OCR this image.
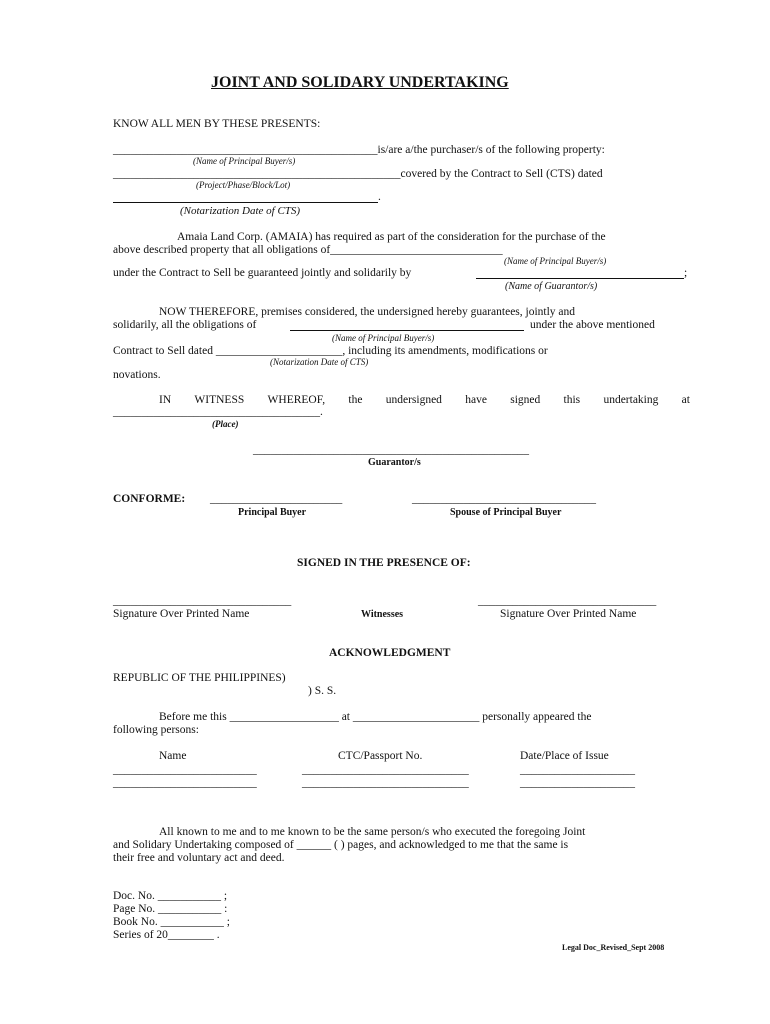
JOINT AND SOLIDARY UNDERTAKING
KNOW ALL MEN BY THESE PRESENTS:
______________________________________________is/are a/the purchaser/s of the following property:
(Name of Principal Buyer/s)
__________________________________________________covered by the Contract to Sell (CTS) dated
(Project/Phase/Block/Lot)
.
(Notarization Date of CTS)
Amaia Land Corp. (AMAIA) has required as part of the consideration for the purchase of the
above described property that all obligations of______________________________
(Name of Principal Buyer/s)
under the Contract to Sell be guaranteed jointly and solidarily by	;
(Name of Guarantor/s)
NOW THEREFORE, premises considered, the undersigned hereby guarantees, jointly and
solidarily, all the obligations of	under the above mentioned
(Name of Principal Buyer/s)
Contract to Sell dated ______________________, including its amendments, modifications or
(Notarization Date of CTS)
novations.
IN WITNESS WHEREOF, the undersigned have signed this undertaking at
____________________________________.
(Place)
________________________________________________
Guarantor/s
CONFORME: _______________________
Principal Buyer
________________________________
Spouse of Principal Buyer
SIGNED IN THE PRESENCE OF:
_______________________________
Signature Over Printed Name	Witnesses
_______________________________
Signature Over Printed Name
ACKNOWLEDGMENT
REPUBLIC OF THE PHILIPPINES)
) S. S.
Before me this ___________________ at ______________________ personally appeared the
following persons:
Name	CTC/Passport No.	Date/Place of Issue
_________________________	_____________________________	____________________
_________________________	_____________________________	____________________
All known to me and to me known to be the same person/s who executed the foregoing Joint
and Solidary Undertaking composed of ______ ( ) pages, and acknowledged to me that the same is
their free and voluntary act and deed.
Doc. No. ___________ ;
Page No. ___________ :
Book No. ___________ ;
Series of 20________ .
Legal Doc_Revised_Sept 2008
